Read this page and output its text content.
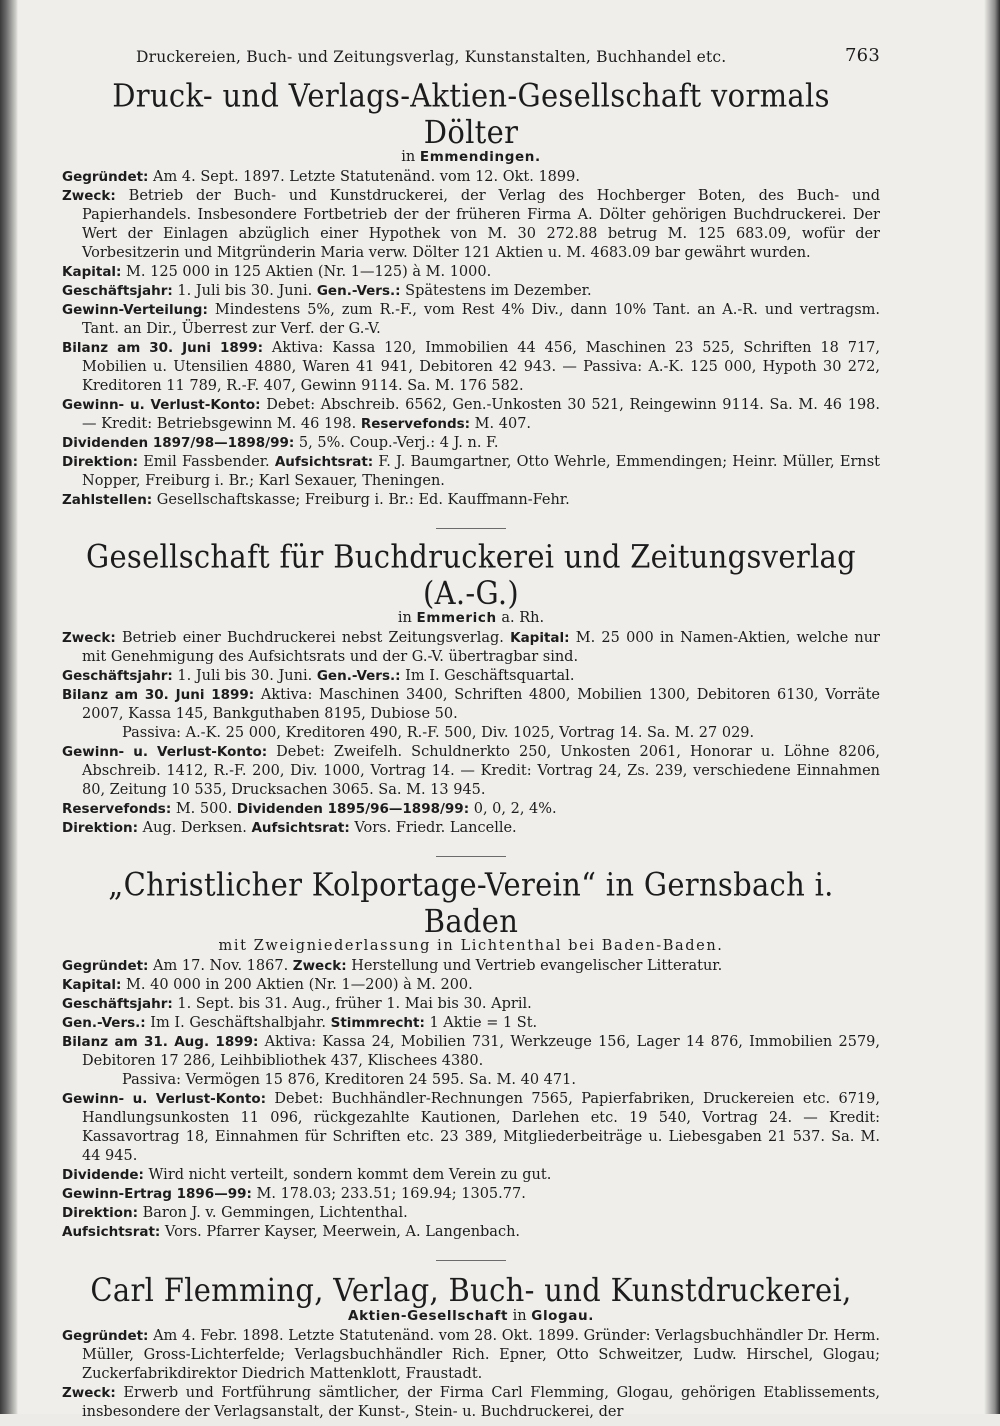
Druckereien, Buch- und Zeitungsverlag, Kunstanstalten, Buchhandel etc.	763
Druck- und Verlags-Aktien-Gesellschaft vormals Dölter
in Emmendingen.

Gegründet: Am 4. Sept. 1897. Letzte Statutenänd. vom 12. Okt. 1899.

Zweck: Betrieb der Buch- und Kunstdruckerei, der Verlag des Hochberger Boten, des Buch- und Papierhandels. Insbesondere Fortbetrieb der der früheren Firma A. Dölter gehörigen Buchdruckerei. Der Wert der Einlagen abzüglich einer Hypothek von M. 30 272.88 betrug M. 125 683.09, wofür der Vorbesitzerin und Mitgründerin Maria verw. Dölter 121 Aktien u. M. 4683.09 bar gewährt wurden.

Kapital: M. 125 000 in 125 Aktien (Nr. 1—125) à M. 1000.

Geschäftsjahr: 1. Juli bis 30. Juni. Gen.-Vers.: Spätestens im Dezember.

Gewinn-Verteilung: Mindestens 5%, zum R.-F., vom Rest 4% Div., dann 10% Tant. an A.-R. und vertragsm. Tant. an Dir., Überrest zur Verf. der G.-V.

Bilanz am 30. Juni 1899: Aktiva: Kassa 120, Immobilien 44 456, Maschinen 23 525, Schriften 18 717, Mobilien u. Utensilien 4880, Waren 41 941, Debitoren 42 943. — Passiva: A.-K. 125 000, Hypoth 30 272, Kreditoren 11 789, R.-F. 407, Gewinn 9114. Sa. M. 176 582.

Gewinn- u. Verlust-Konto: Debet: Abschreib. 6562, Gen.-Unkosten 30 521, Reingewinn 9114. Sa. M. 46 198. — Kredit: Betriebsgewinn M. 46 198. Reservefonds: M. 407.

Dividenden 1897/98—1898/99: 5, 5%. Coup.-Verj.: 4 J. n. F.

Direktion: Emil Fassbender. Aufsichtsrat: F. J. Baumgartner, Otto Wehrle, Emmendingen; Heinr. Müller, Ernst Nopper, Freiburg i. Br.; Karl Sexauer, Theningen.

Zahlstellen: Gesellschaftskasse; Freiburg i. Br.: Ed. Kauffmann-Fehr.

Gesellschaft für Buchdruckerei und Zeitungsverlag (A.-G.)
in Emmerich a. Rh.

Zweck: Betrieb einer Buchdruckerei nebst Zeitungsverlag. Kapital: M. 25 000 in Namen-Aktien, welche nur mit Genehmigung des Aufsichtsrats und der G.-V. übertragbar sind.

Geschäftsjahr: 1. Juli bis 30. Juni. Gen.-Vers.: Im I. Geschäftsquartal.

Bilanz am 30. Juni 1899: Aktiva: Maschinen 3400, Schriften 4800, Mobilien 1300, Debitoren 6130, Vorräte 2007, Kassa 145, Bankguthaben 8195, Dubiose 50.

Passiva: A.-K. 25 000, Kreditoren 490, R.-F. 500, Div. 1025, Vortrag 14. Sa. M. 27 029.

Gewinn- u. Verlust-Konto: Debet: Zweifelh. Schuldnerkto 250, Unkosten 2061, Honorar u. Löhne 8206, Abschreib. 1412, R.-F. 200, Div. 1000, Vortrag 14. — Kredit: Vortrag 24, Zs. 239, verschiedene Einnahmen 80, Zeitung 10 535, Drucksachen 3065. Sa. M. 13 945.

Reservefonds: M. 500. Dividenden 1895/96—1898/99: 0, 0, 2, 4%.

Direktion: Aug. Derksen. Aufsichtsrat: Vors. Friedr. Lancelle.

„Christlicher Kolportage-Verein“ in Gernsbach i. Baden
mit Zweigniederlassung in Lichtenthal bei Baden-Baden.

Gegründet: Am 17. Nov. 1867. Zweck: Herstellung und Vertrieb evangelischer Litteratur.

Kapital: M. 40 000 in 200 Aktien (Nr. 1—200) à M. 200.

Geschäftsjahr: 1. Sept. bis 31. Aug., früher 1. Mai bis 30. April.

Gen.-Vers.: Im I. Geschäftshalbjahr. Stimmrecht: 1 Aktie = 1 St.

Bilanz am 31. Aug. 1899: Aktiva: Kassa 24, Mobilien 731, Werkzeuge 156, Lager 14 876, Immobilien 2579, Debitoren 17 286, Leihbibliothek 437, Klischees 4380.

Passiva: Vermögen 15 876, Kreditoren 24 595. Sa. M. 40 471.

Gewinn- u. Verlust-Konto: Debet: Buchhändler-Rechnungen 7565, Papierfabriken, Druckereien etc. 6719, Handlungsunkosten 11 096, rückgezahlte Kautionen, Darlehen etc. 19 540, Vortrag 24. — Kredit: Kassavortrag 18, Einnahmen für Schriften etc. 23 389, Mitgliederbeiträge u. Liebesgaben 21 537. Sa. M. 44 945.

Dividende: Wird nicht verteilt, sondern kommt dem Verein zu gut.

Gewinn-Ertrag 1896—99: M. 178.03; 233.51; 169.94; 1305.77.

Direktion: Baron J. v. Gemmingen, Lichtenthal.

Aufsichtsrat: Vors. Pfarrer Kayser, Meerwein, A. Langenbach.

Carl Flemming, Verlag, Buch- und Kunstdruckerei,
Aktien-Gesellschaft in Glogau.

Gegründet: Am 4. Febr. 1898. Letzte Statutenänd. vom 28. Okt. 1899. Gründer: Verlagsbuchhändler Dr. Herm. Müller, Gross-Lichterfelde; Verlagsbuchhändler Rich. Epner, Otto Schweitzer, Ludw. Hirschel, Glogau; Zuckerfabrikdirektor Diedrich Mattenklott, Fraustadt.

Zweck: Erwerb und Fortführung sämtlicher, der Firma Carl Flemming, Glogau, gehörigen Etablissements, insbesondere der Verlagsanstalt, der Kunst-, Stein- u. Buchdruckerei, der
